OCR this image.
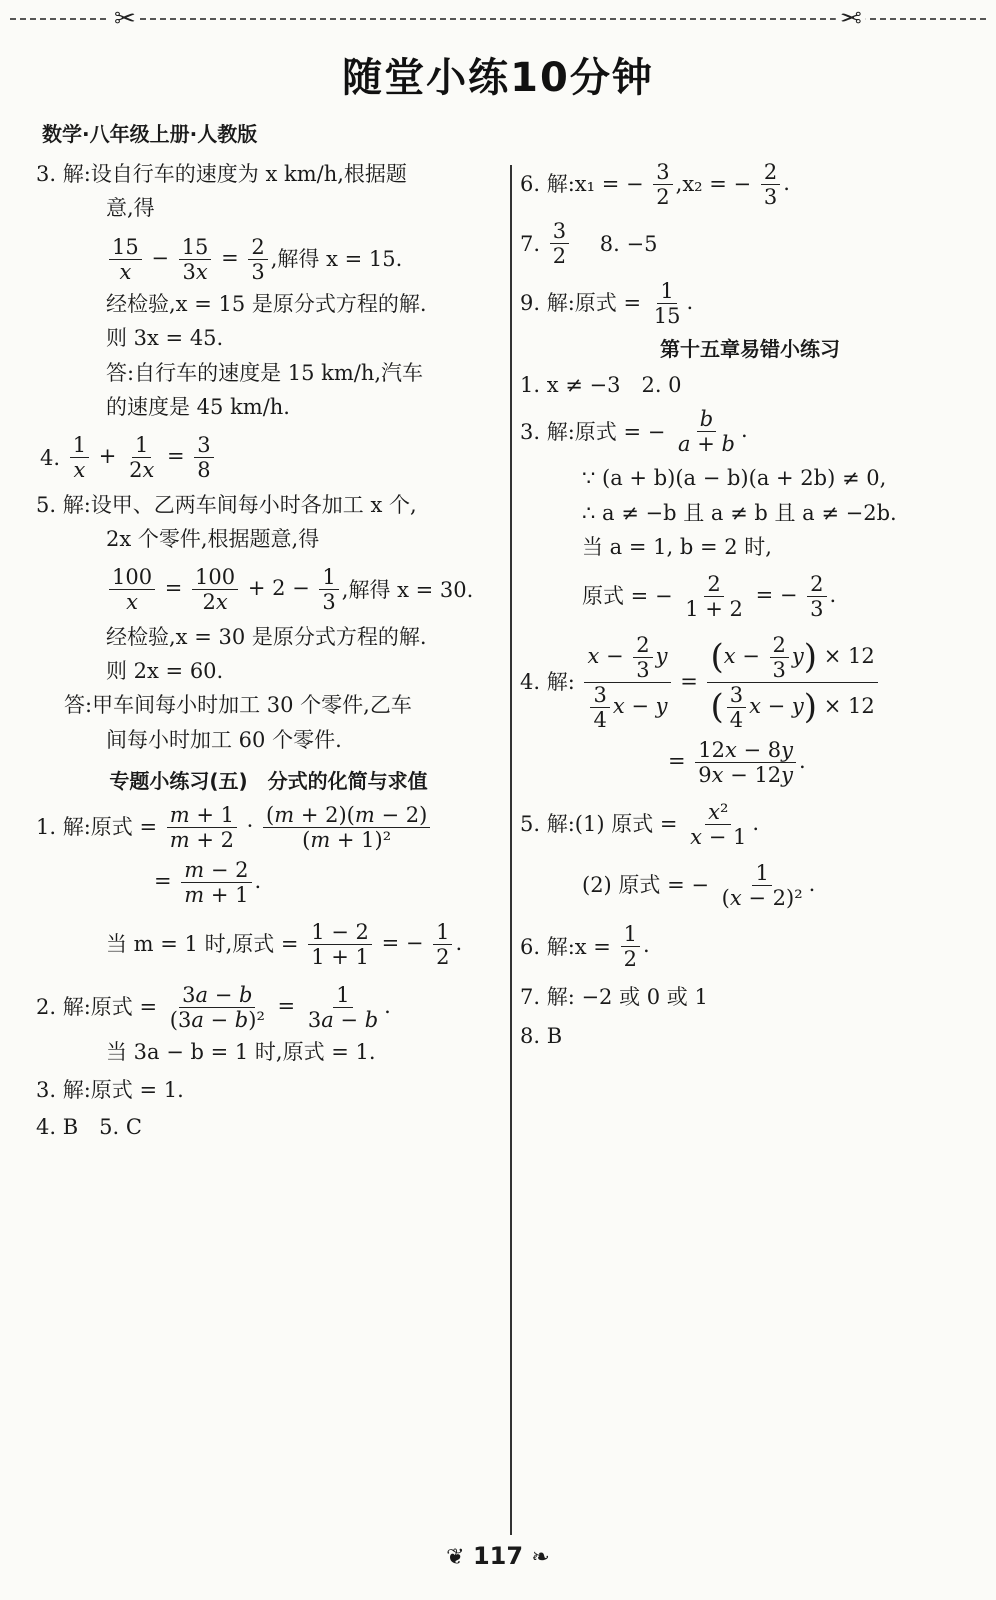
✂	✂
随堂小练10分钟
数学·八年级上册·人教版

3. 解:设自行车的速度为 x km/h,根据题

意,得

$\frac{15}{x} - \frac{15}{3x} = \frac{2}{3}$ ,解得 x = 15.

经检验,x = 15 是原分式方程的解.

则 3x = 45.

答:自行车的速度是 15 km/h,汽车

的速度是 45 km/h.

4. $\frac{1}{x} + \frac{1}{2x} = \frac{3}{8}$

5. 解:设甲、乙两车间每小时各加工 x 个,

2x 个零件,根据题意,得

$\frac{100}{x} = \frac{100}{2x} + 2 - \frac{1}{3}$ ,解得 x = 30.

经检验,x = 30 是原分式方程的解.

则 2x = 60.

答:甲车间每小时加工 30 个零件,乙车

间每小时加工 60 个零件.

专题小练习(五)　分式的化简与求值

1. 解:原式 = $\frac{m + 1}{m + 2} \cdot \frac{(m + 2)(m - 2)}{\text{(m + 1)²}}$

= $\frac{m - 2}{m + 1}$ .

当 m = 1 时,原式 = $\frac{1 - 2}{1 + 1}$ = − $\frac{1}{2}$ .

2. 解:原式 = $\frac{3a - b}{\text{(3a − b)²}} = \frac{1}{3a - b}$ .

当 3a − b = 1 时,原式 = 1.

3. 解:原式 = 1.

4. B　5. C

6. 解:x₁ = − $\frac{3}{2} ,x_2$ = − $\frac{2}{3}$ .

7. $\frac{3}{2}$
　 8. −5

9. 解:原式 = $\frac{1}{15}$ .

第十五章易错小练习

1. x ≠ −3　2. 0

3. 解:原式 = − $\frac{b}{a + b}$ .

∵ (a + b)(a − b)(a + 2b) ≠ 0,

∴ a ≠ −b 且 a ≠ b 且 a ≠ −2b.

当 a = 1, b = 2 时,

原式 = − $\frac{2}{1 + 2}$ = − $\frac{2}{3}$ .

4. 解: $\frac{x - \frac{2}{3} y}{\frac{3}{4} x - y} = \frac{(x - \frac{2}{3} y) \times 12}{( \frac{3}{4} x - y) \times 12}$

= $\frac{12x - 8y}{9x - 12y}$ .

5. 解:(1) 原式 = $\frac{\text{x²}}{x - 1}$ .

(2) 原式 = − $\frac{1}{\text{(x − 2)²}}$ .

6. 解:x = $\frac{1}{2}$ .

7. 解: −2 或 0 或 1

8. B

❦ 117 ❧
